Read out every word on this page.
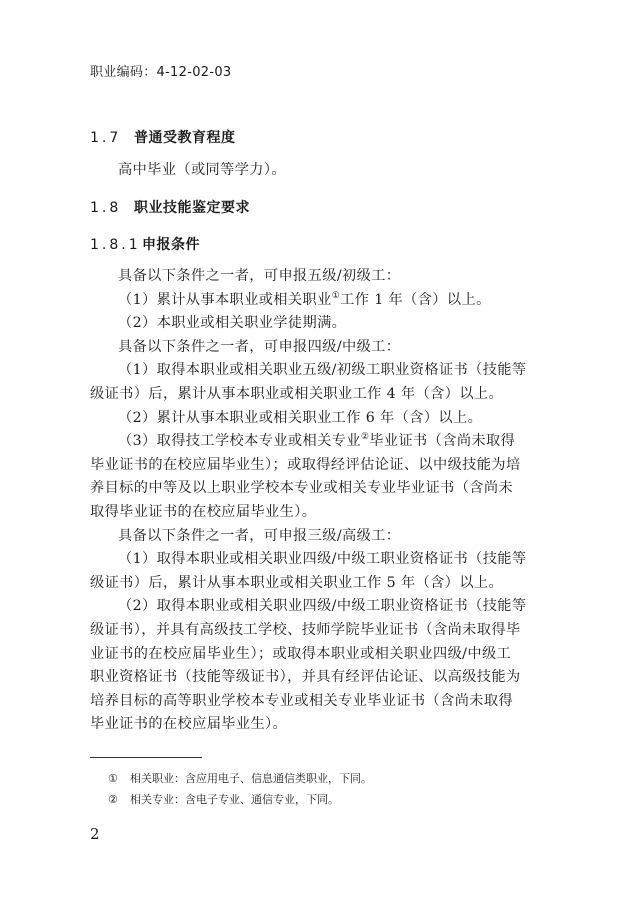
职业编码：4-12-02-03
1.7 普通受教育程度
高中毕业（或同等学力）。
1.8 职业技能鉴定要求
1.8.1申报条件
具备以下条件之一者，可申报五级/初级工：
（1）累计从事本职业或相关职业①工作 1 年（含）以上。
（2）本职业或相关职业学徒期满。
具备以下条件之一者，可申报四级/中级工：
（1）取得本职业或相关职业五级/初级工职业资格证书（技能等
级证书）后，累计从事本职业或相关职业工作 4 年（含）以上。
（2）累计从事本职业或相关职业工作 6 年（含）以上。
（3）取得技工学校本专业或相关专业②毕业证书（含尚未取得
毕业证书的在校应届毕业生）；或取得经评估论证、以中级技能为培
养目标的中等及以上职业学校本专业或相关专业毕业证书（含尚未
取得毕业证书的在校应届毕业生）。
具备以下条件之一者，可申报三级/高级工：
（1）取得本职业或相关职业四级/中级工职业资格证书（技能等
级证书）后，累计从事本职业或相关职业工作 5 年（含）以上。
（2）取得本职业或相关职业四级/中级工职业资格证书（技能等
级证书），并具有高级技工学校、技师学院毕业证书（含尚未取得毕
业证书的在校应届毕业生）；或取得本职业或相关职业四级/中级工
职业资格证书（技能等级证书），并具有经评估论证、以高级技能为
培养目标的高等职业学校本专业或相关专业毕业证书（含尚未取得
毕业证书的在校应届毕业生）。
① 相关职业：含应用电子、信息通信类职业，下同。
② 相关专业：含电子专业、通信专业，下同。
2
